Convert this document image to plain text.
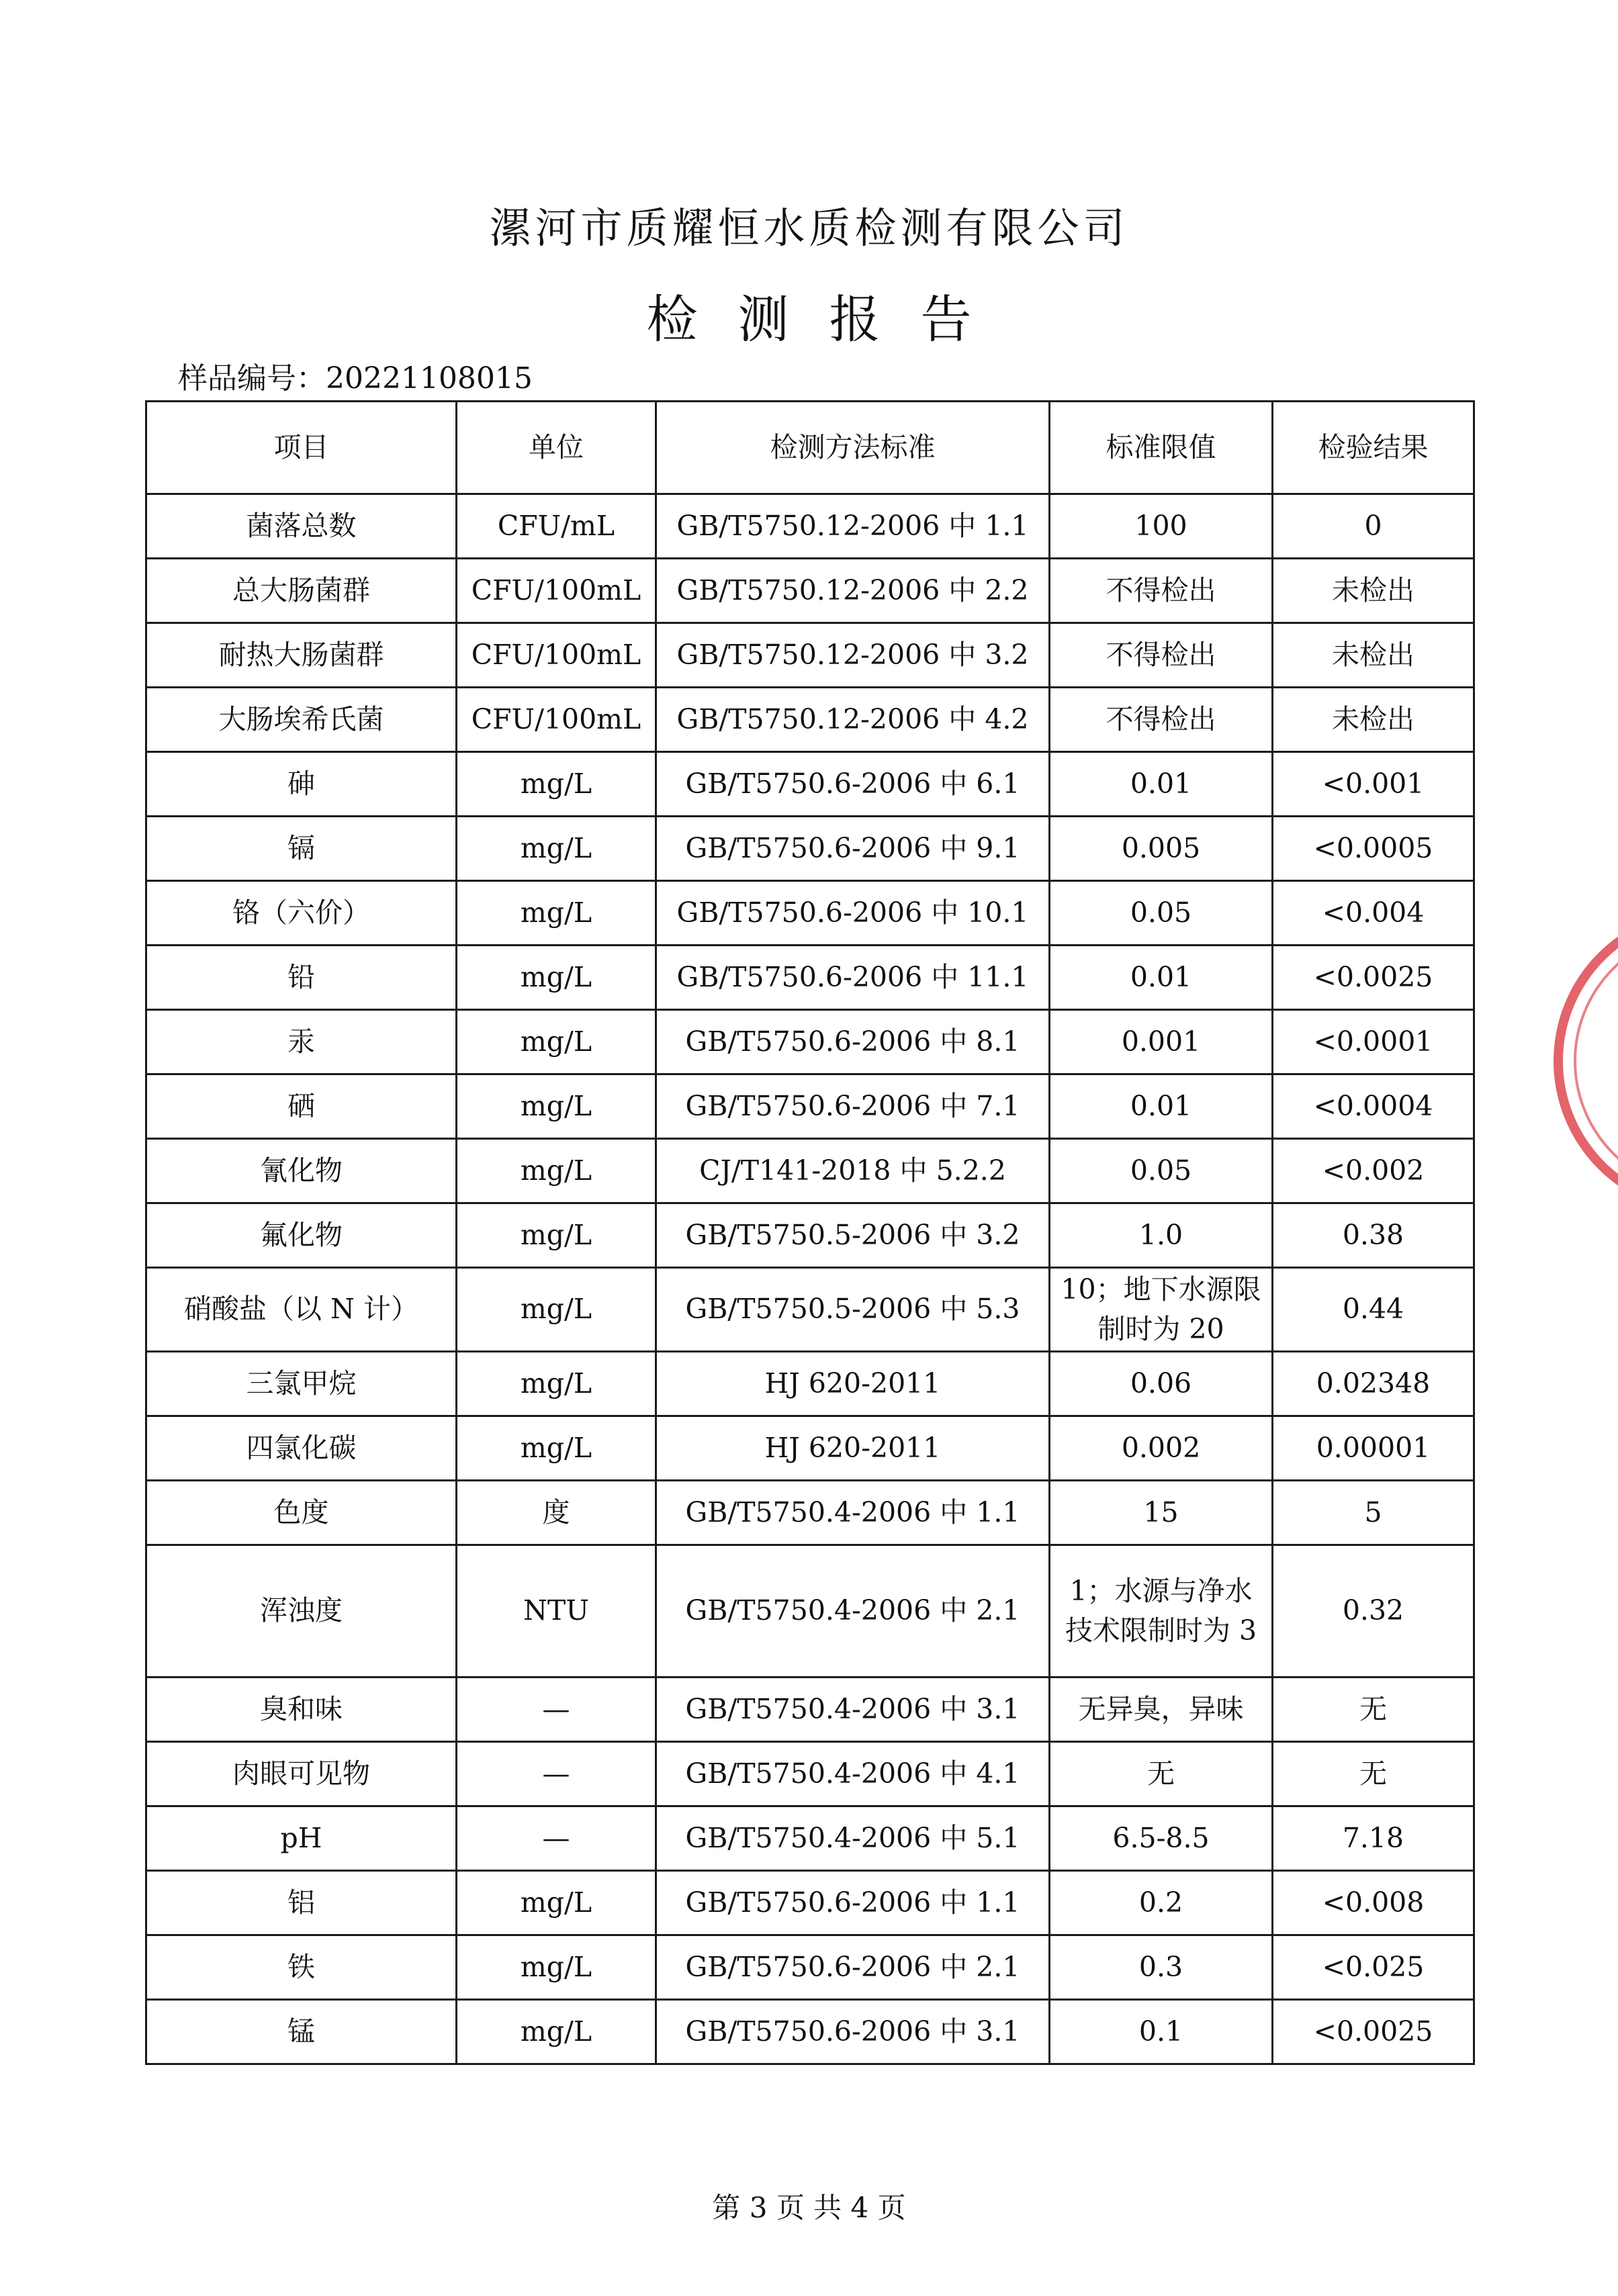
漯河市质耀恒水质检测有限公司
检测报告
样品编号：20221108015
项目	单位	检测方法标准	标准限值	检验结果
菌落总数	CFU/mL	GB/T5750.12-2006 中 1.1	100	0
总大肠菌群	CFU/100mL	GB/T5750.12-2006 中 2.2	不得检出	未检出
耐热大肠菌群	CFU/100mL	GB/T5750.12-2006 中 3.2	不得检出	未检出
大肠埃希氏菌	CFU/100mL	GB/T5750.12-2006 中 4.2	不得检出	未检出
砷	mg/L	GB/T5750.6-2006 中 6.1	0.01	<0.001
镉	mg/L	GB/T5750.6-2006 中 9.1	0.005	<0.0005
铬（六价）	mg/L	GB/T5750.6-2006 中 10.1	0.05	<0.004
铅	mg/L	GB/T5750.6-2006 中 11.1	0.01	<0.0025
汞	mg/L	GB/T5750.6-2006 中 8.1	0.001	<0.0001
硒	mg/L	GB/T5750.6-2006 中 7.1	0.01	<0.0004
氰化物	mg/L	CJ/T141-2018 中 5.2.2	0.05	<0.002
氟化物	mg/L	GB/T5750.5-2006 中 3.2	1.0	0.38
硝酸盐（以 N 计）	mg/L	GB/T5750.5-2006 中 5.3	10；地下水源限制时为 20	0.44
三氯甲烷	mg/L	HJ 620-2011	0.06	0.02348
四氯化碳	mg/L	HJ 620-2011	0.002	0.00001
色度	度	GB/T5750.4-2006 中 1.1	15	5
浑浊度	NTU	GB/T5750.4-2006 中 2.1	1；水源与净水技术限制时为 3	0.32
臭和味	—	GB/T5750.4-2006 中 3.1	无异臭，异味	无
肉眼可见物	—	GB/T5750.4-2006 中 4.1	无	无
pH	—	GB/T5750.4-2006 中 5.1	6.5-8.5	7.18
铝	mg/L	GB/T5750.6-2006 中 1.1	0.2	<0.008
铁	mg/L	GB/T5750.6-2006 中 2.1	0.3	<0.025
锰	mg/L	GB/T5750.6-2006 中 3.1	0.1	<0.0025
第 3 页 共 4 页
